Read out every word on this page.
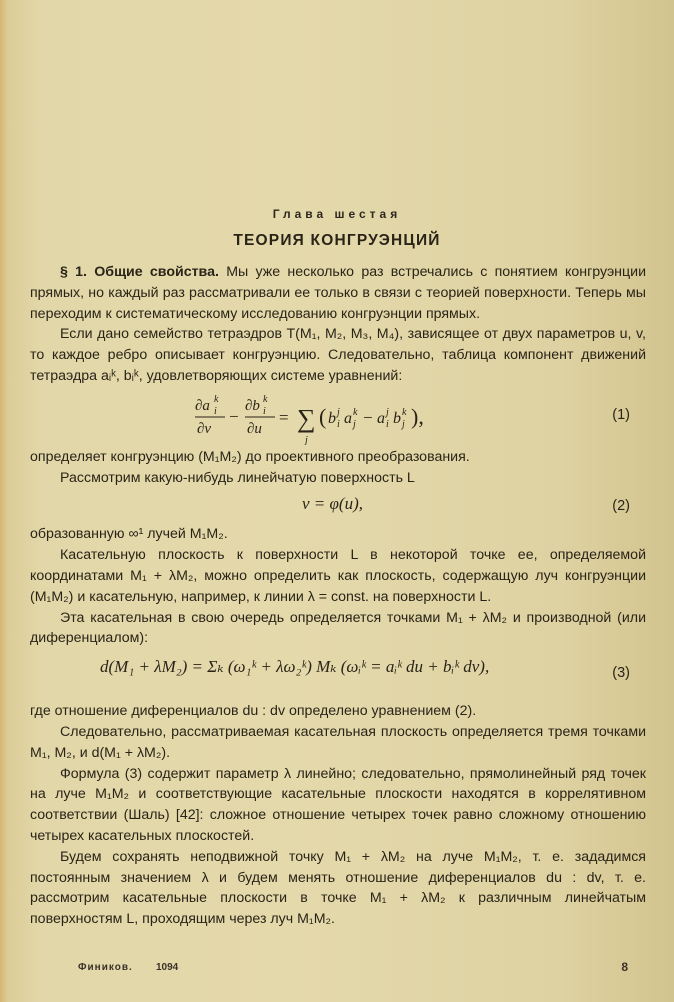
Глава шестая
ТЕОРИЯ КОНГРУЭНЦИЙ

§ 1. Общие свойства. Мы уже несколько раз встречались с понятием конгруэнции прямых, но каждый раз рассматривали ее только в связи с теорией поверхности. Теперь мы переходим к систематическому исследованию конгруэнции прямых.

Если дано семейство тетраэдров T(M₁, M₂, M₃, M₄), зависящее от двух параметров u, v, то каждое ребро описывает конгруэнцию. Следовательно, таблица компонент движений тетраэдра aᵢᵏ, bᵢᵏ, удовлетворяющих системе уравнений:

∂a k
i
∂v
−
∂b k
i
∂u
= ∑
j
( b j
i a k
j − a j
i b k
j ),	(1)

определяет конгруэнцию (M₁M₂) до проективного преобразования.

Рассмотрим какую-нибудь линейчатую поверхность L

v = φ(u),	(2)

образованную ∞¹ лучей M₁M₂.

Касательную плоскость к поверхности L в некоторой точке ее, определяемой координатами M₁ + λM₂, можно определить как плоскость, содержащую луч конгруэнции (M₁M₂) и касательную, например, к линии λ = const. на поверхности L.

Эта касательная в свою очередь определяется точками M₁ + λM₂ и производной (или диференциалом):

d(M₁ + λM₂) = Σₖ (ω₁ᵏ + λω₂ᵏ) Mₖ (ωᵢᵏ = aᵢᵏ du + bᵢᵏ dv),	(3)

где отношение диференциалов du : dv определено уравнением (2).

Следовательно, рассматриваемая касательная плоскость определяется тремя точками M₁, M₂, и d(M₁ + λM₂).

Формула (3) содержит параметр λ линейно; следовательно, прямолинейный ряд точек на луче M₁M₂ и соответствующие касательные плоскости находятся в коррелятивном соответствии (Шаль) [42]: сложное отношение четырех точек равно сложному отношению четырех касательных плоскостей.

Будем сохранять неподвижной точку M₁ + λM₂ на луче M₁M₂, т. е. зададимся постоянным значением λ и будем менять отношение диференциалов du : dv, т. е. рассмотрим касательные плоскости в точке M₁ + λM₂ к различным линейчатым поверхностям L, проходящим через луч M₁M₂.

Фиников. 1094	8
